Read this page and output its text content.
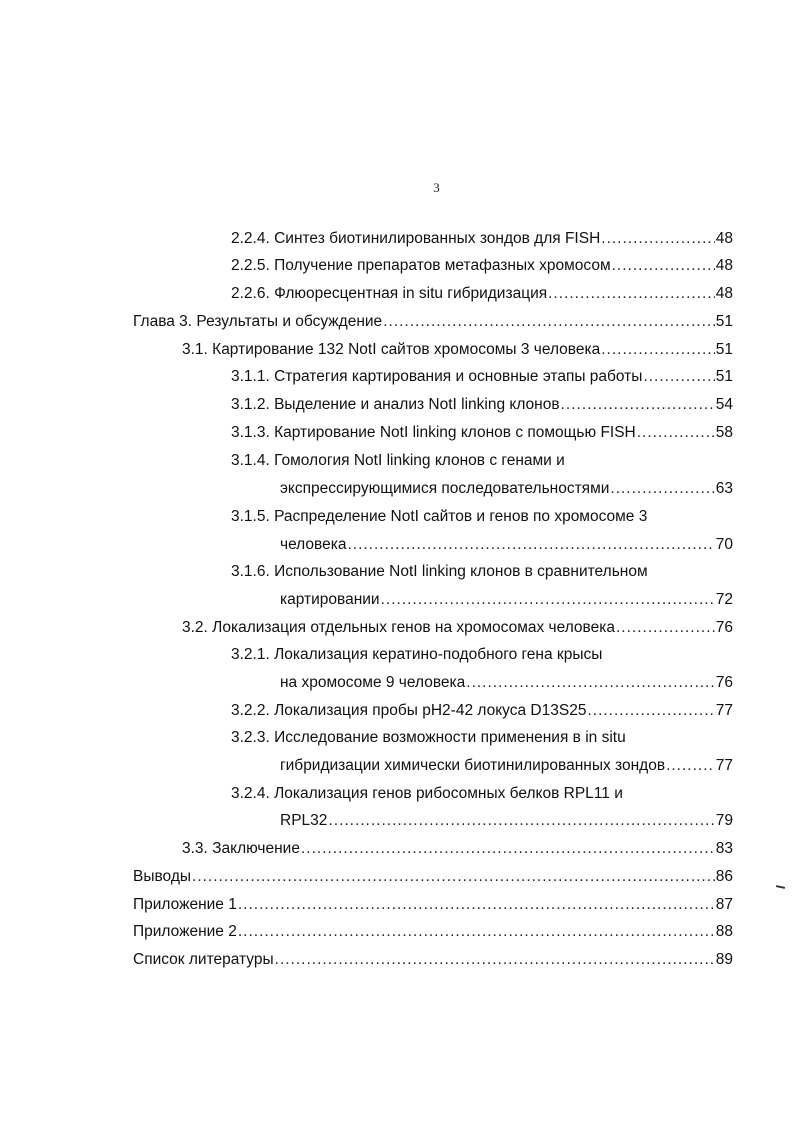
3
2.2.4. Синтез биотинилированных зондов для FISH .....	48
2.2.5. Получение препаратов метафазных хромосом .....	48
2.2.6. Флюоресцентная in situ гибридизация .....	48
Глава 3. Результаты и обсуждение .....	51
3.1. Картирование 132 NotI сайтов хромосомы 3 человека .....	51
3.1.1. Стратегия картирования и основные этапы работы .....	51
3.1.2. Выделение и анализ NotI linking клонов .....	54
3.1.3. Картирование NotI linking клонов с помощью FISH .....	58
3.1.4. Гомология NotI linking клонов с генами и
экспрессирующимися последовательностями .....	63
3.1.5. Распределение NotI сайтов и генов по хромосоме 3
человека .....	70
3.1.6. Использование NotI linking клонов в сравнительном
картировании .....	72
3.2. Локализация отдельных генов на хромосомах человека .....	76
3.2.1. Локализация кератино-подобного гена крысы
на хромосоме 9 человека .....	76
3.2.2. Локализация пробы pH2-42 локуса D13S25 .....	77
3.2.3. Исследование возможности применения в in situ
гибридизации химически биотинилированных зондов .....	77
3.2.4. Локализация генов рибосомных белков RPL11 и
RPL32 .....	79
3.3. Заключение .....	83
Выводы .....	86
Приложение 1 .....	87
Приложение 2 .....	88
Список литературы .....	89
